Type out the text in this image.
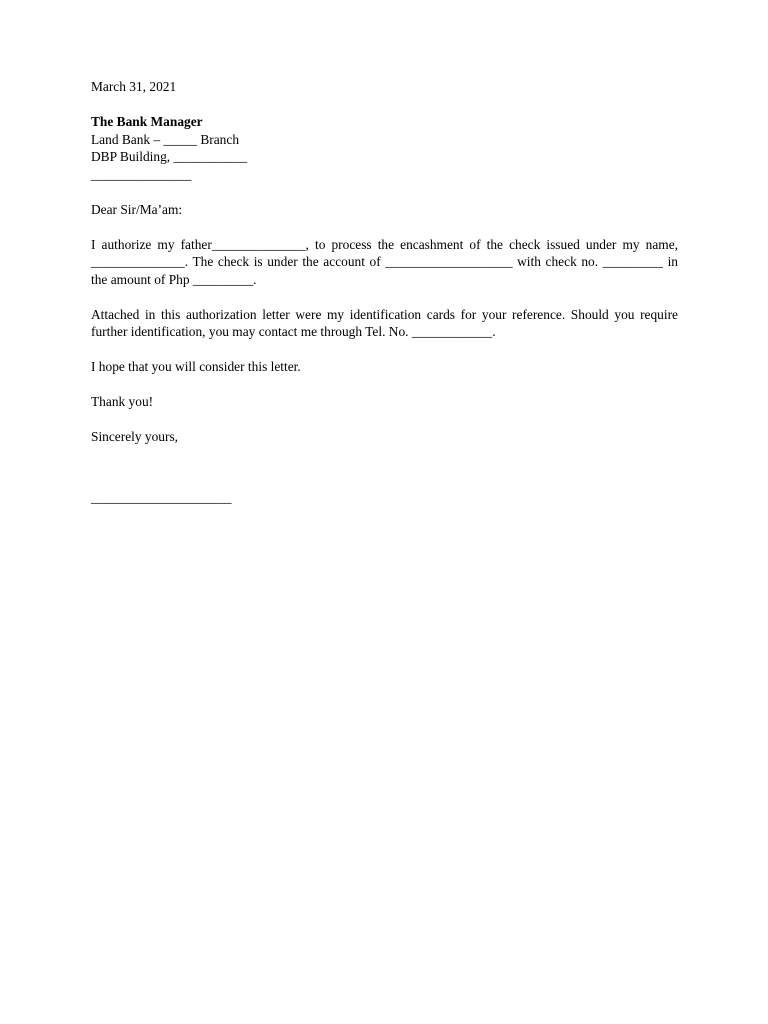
March 31, 2021
The Bank Manager
Land Bank – _____ Branch
DBP Building, ___________
_______________
Dear Sir/Ma’am:

I authorize my father______________, to process the encashment of the check issued under my name, ______________. The check is under the account of ___________________ with check no. _________ in the amount of Php _________.

Attached in this authorization letter were my identification cards for your reference. Should you require further identification, you may contact me through Tel. No. ____________.

I hope that you will consider this letter.

Thank you!

Sincerely yours,
_____________________
